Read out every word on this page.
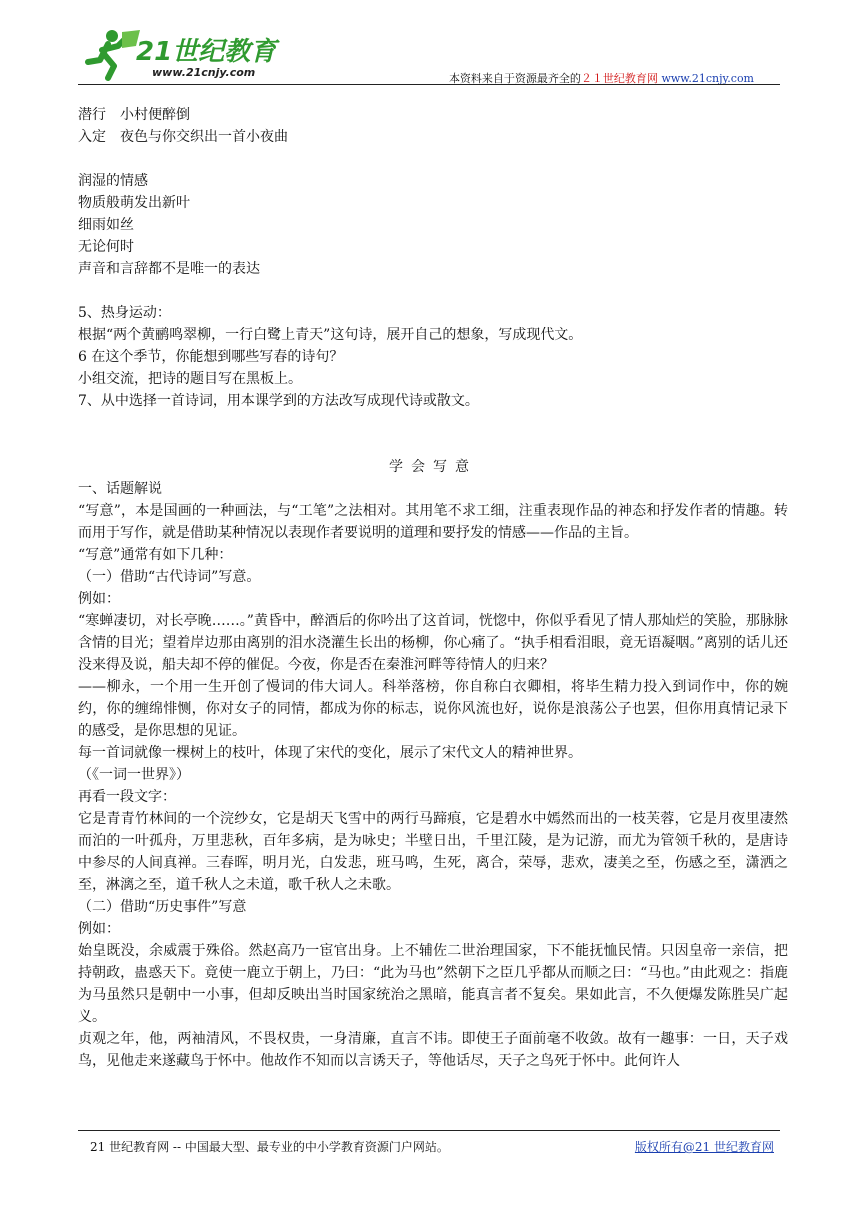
21世纪教育
www.21cnjy.com	本资料来自于资源最齐全的２１世纪教育网 www.21cnjy.com
潜行　小村便醉倒
入定　夜色与你交织出一首小夜曲
润湿的情感
物质般萌发出新叶
细雨如丝
无论何时
声音和言辞都不是唯一的表达
5、热身运动：
根据“两个黄鹂鸣翠柳，一行白鹭上青天”这句诗，展开自己的想象，写成现代文。
6 在这个季节，你能想到哪些写春的诗句？
小组交流，把诗的题目写在黑板上。
7、从中选择一首诗词，用本课学到的方法改写成现代诗或散文。
学会写意
一、话题解说
“写意”，本是国画的一种画法，与“工笔”之法相对。其用笔不求工细，注重表现作品的神态和抒发作者的情趣。转而用于写作，就是借助某种情况以表现作者要说明的道理和要抒发的情感——作品的主旨。
“写意”通常有如下几种：
（一）借助“古代诗词”写意。
例如：
“寒蝉凄切，对长亭晚……。”黄昏中，醉酒后的你吟出了这首词，恍惚中，你似乎看见了情人那灿烂的笑脸，那脉脉含情的目光；望着岸边那由离别的泪水浇灌生长出的杨柳，你心痛了。“执手相看泪眼，竟无语凝咽。”离别的话儿还没来得及说，船夫却不停的催促。今夜，你是否在秦淮河畔等待情人的归来？
——柳永，一个用一生开创了慢词的伟大词人。科举落榜，你自称白衣卿相，将毕生精力投入到词作中，你的婉约，你的缠绵悱恻，你对女子的同情，都成为你的标志，说你风流也好，说你是浪荡公子也罢，但你用真情记录下的感受，是你思想的见证。
每一首词就像一棵树上的枝叶，体现了宋代的变化，展示了宋代文人的精神世界。
（《一词一世界》）
再看一段文字：
它是青青竹林间的一个浣纱女，它是胡天飞雪中的两行马蹄痕，它是碧水中嫣然而出的一枝芙蓉，它是月夜里凄然而泊的一叶孤舟，万里悲秋，百年多病，是为咏史；半壁日出，千里江陵，是为记游，而尤为管领千秋的，是唐诗中参尽的人间真禅。三春晖，明月光，白发悲，班马鸣，生死，离合，荣辱，悲欢，凄美之至，伤感之至，潇洒之至，淋漓之至，道千秋人之未道，歌千秋人之未歌。
（二）借助“历史事件”写意
例如：
始皇既没，余威震于殊俗。然赵高乃一宦官出身。上不辅佐二世治理国家，下不能抚恤民情。只因皇帝一亲信，把持朝政，蛊惑天下。竟使一鹿立于朝上，乃曰：“此为马也”然朝下之臣几乎都从而顺之曰：“马也。”由此观之：指鹿为马虽然只是朝中一小事，但却反映出当时国家统治之黑暗，能真言者不复矣。果如此言，不久便爆发陈胜吴广起义。
贞观之年，他，两袖清风，不畏权贵，一身清廉，直言不讳。即使王子面前毫不收敛。故有一趣事：一日，天子戏鸟，见他走来遂藏鸟于怀中。他故作不知而以言诱天子，等他话尽，天子之鸟死于怀中。此何许人
21 世纪教育网 -- 中国最大型、最专业的中小学教育资源门户网站。	版权所有@21 世纪教育网
